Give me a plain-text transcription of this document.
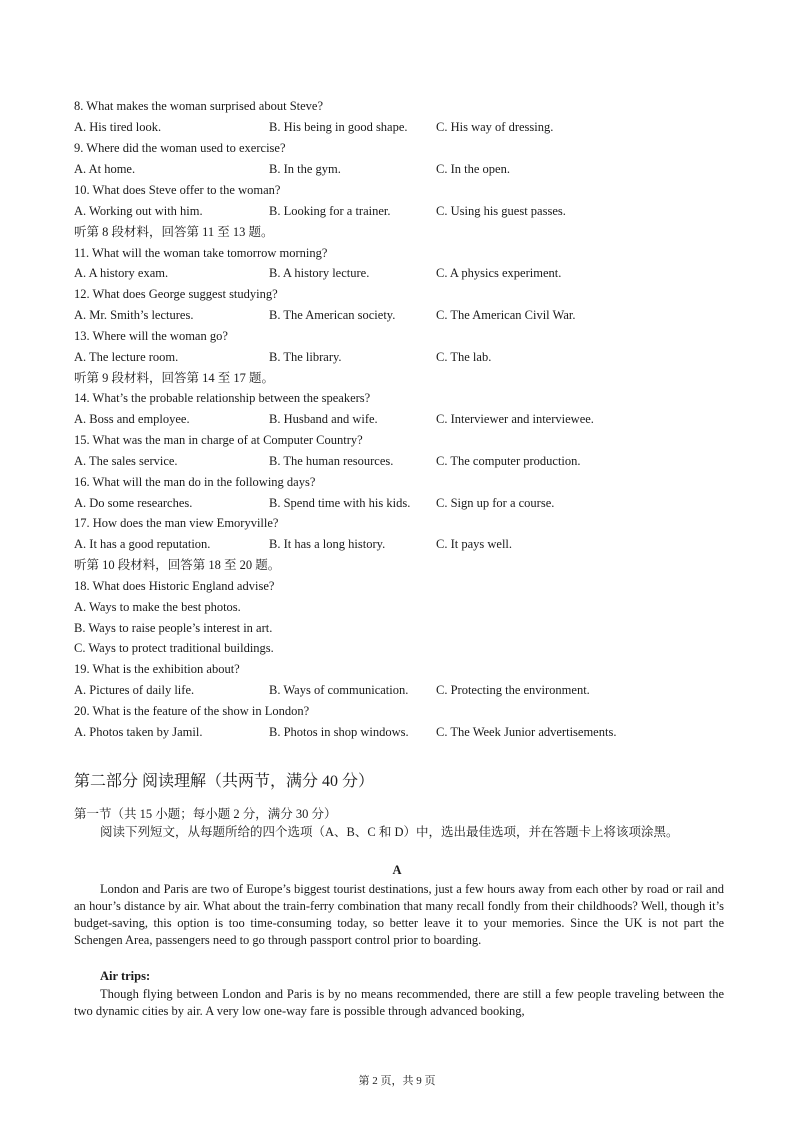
8. What makes the woman surprised about Steve?
A. His tired look.	B. His being in good shape. C. His way of dressing.
9. Where did the woman used to exercise?
A. At home.	B. In the gym.	C. In the open.
10. What does Steve offer to the woman?
A. Working out with him.	B. Looking for a trainer.	C. Using his guest passes.
听第 8 段材料，回答第 11 至 13 题。
11. What will the woman take tomorrow morning?
A. A history exam.	B. A history lecture.	C. A physics experiment.
12. What does George suggest studying?
A. Mr. Smith’s lectures.	B. The American society.	C. The American Civil War.
13. Where will the woman go?
A. The lecture room.	B. The library.	C. The lab.
听第 9 段材料，回答第 14 至 17 题。
14. What’s the probable relationship between the speakers?
A. Boss and employee.	B. Husband and wife.	C. Interviewer and interviewee.
15. What was the man in charge of at Computer Country?
A. The sales service.	B. The human resources.	C. The computer production.
16. What will the man do in the following days?
A. Do some researches.	B. Spend time with his kids. C. Sign up for a course.
17. How does the man view Emoryville?
A. It has a good reputation.	B. It has a long history.	C. It pays well.
听第 10 段材料，回答第 18 至 20 题。
18. What does Historic England advise?
A. Ways to make the best photos.
B. Ways to raise people’s interest in art.
C. Ways to protect traditional buildings.
19. What is the exhibition about?
A. Pictures of daily life.	B. Ways of communication. C. Protecting the environment.
20. What is the feature of the show in London?
A. Photos taken by Jamil.	B. Photos in shop windows. C. The Week Junior advertisements.
第二部分 阅读理解（共两节，满分 40 分）
第一节（共 15 小题；每小题 2 分，满分 30 分）
阅读下列短文，从每题所给的四个选项（A、B、C 和 D）中，选出最佳选项，并在答题卡上将该项涂黑。
A
London and Paris are two of Europe’s biggest tourist destinations, just a few hours away from each other by road or rail and an hour’s distance by air. What about the train-ferry combination that many recall fondly from their childhoods? Well, though it’s budget-saving, this option is too time-consuming today, so better leave it to your memories. Since the UK is not part the Schengen Area, passengers need to go through passport control prior to boarding.
Air trips:
Though flying between London and Paris is by no means recommended, there are still a few people traveling between the two dynamic cities by air. A very low one-way fare is possible through advanced booking,
第 2 页，共 9 页
